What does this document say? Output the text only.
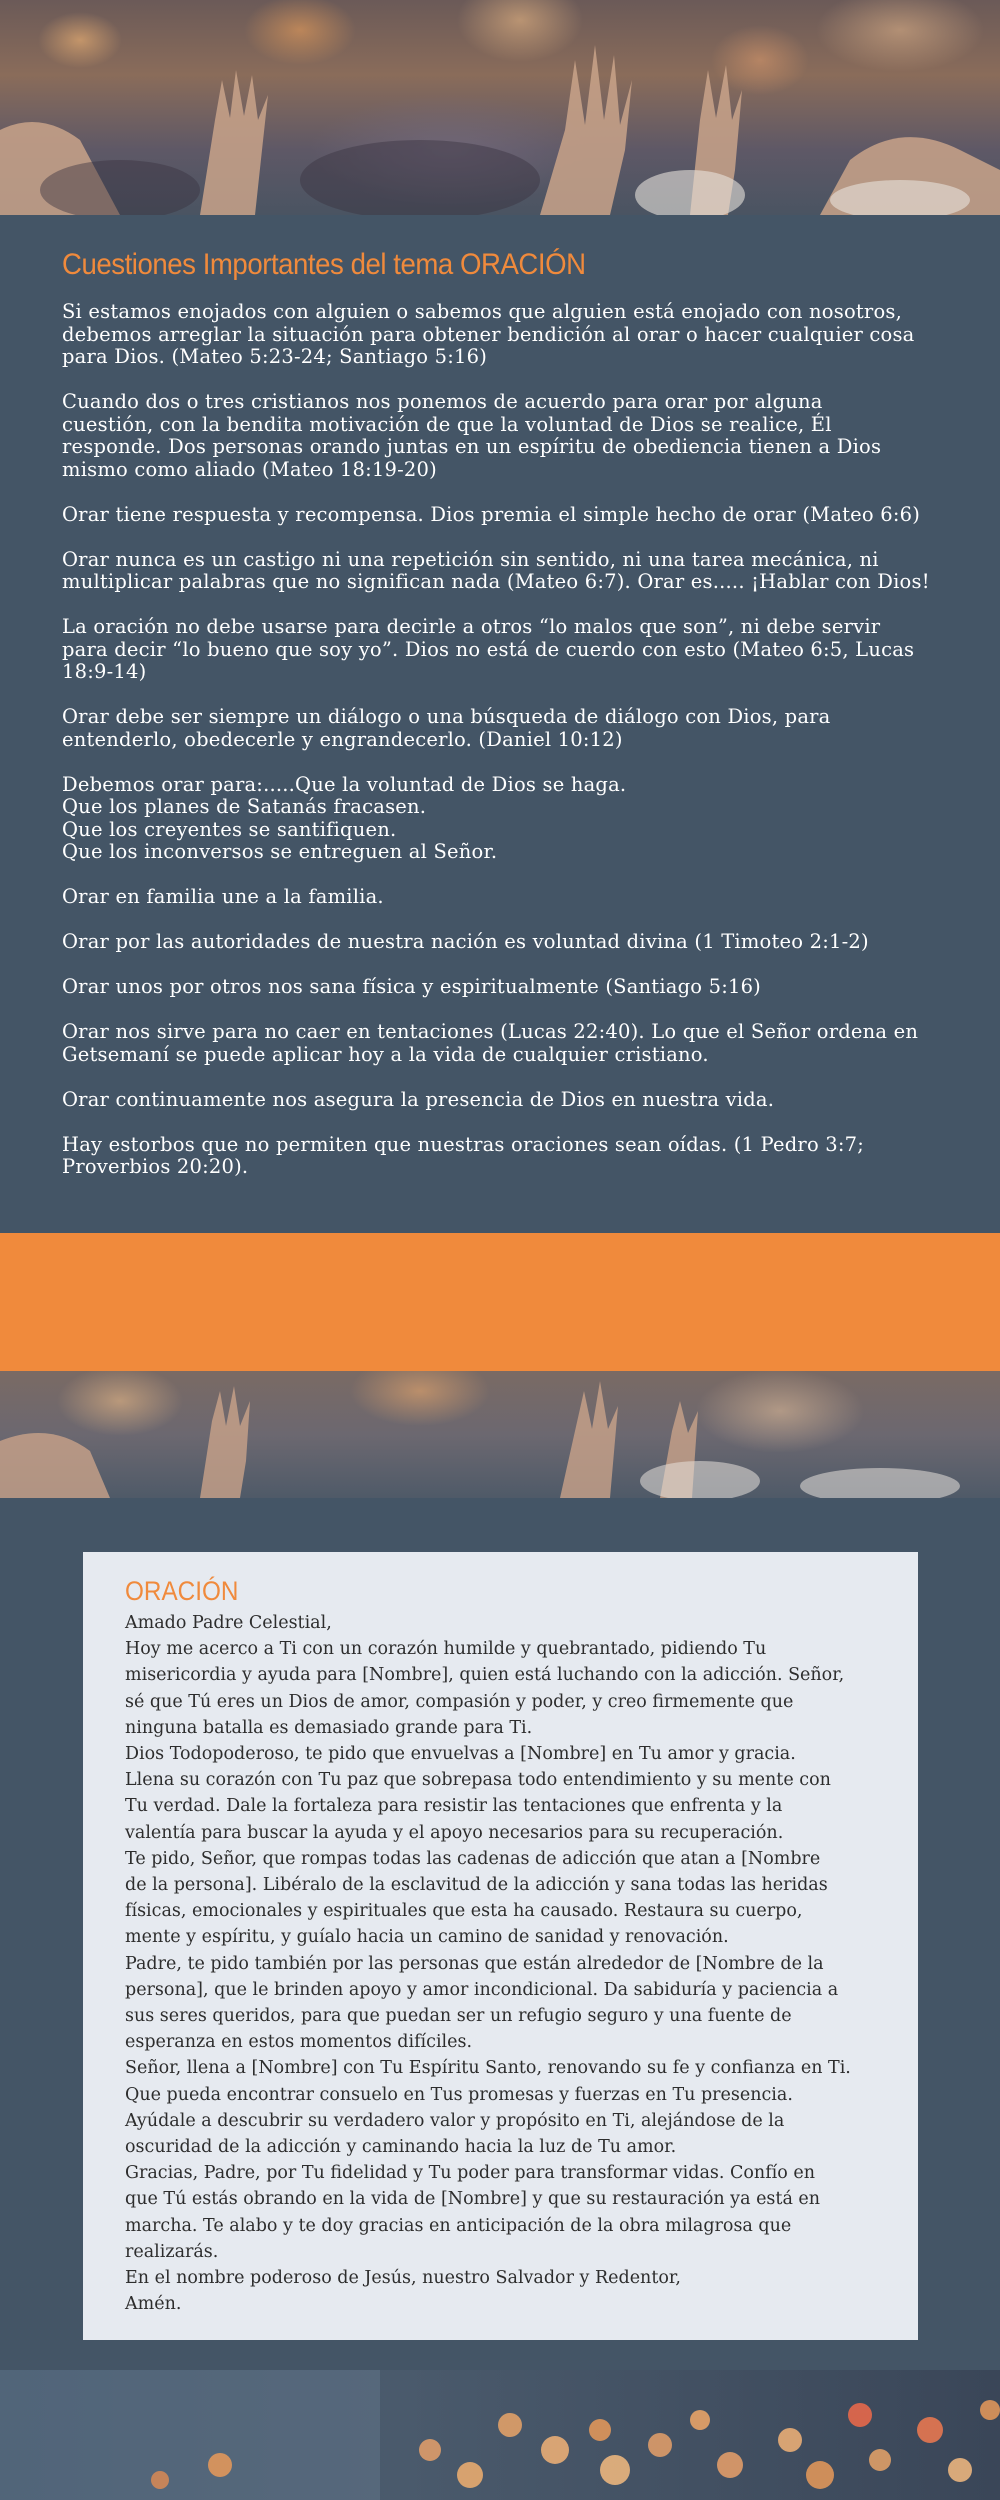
Cuestiones Importantes del tema ORACIÓN
Si estamos enojados con alguien o sabemos que alguien está enojado con nosotros,
debemos arreglar la situación para obtener bendición al orar o hacer cualquier cosa
para Dios. (Mateo 5:23-24; Santiago 5:16)
Cuando dos o tres cristianos nos ponemos de acuerdo para orar por alguna
cuestión, con la bendita motivación de que la voluntad de Dios se realice, Él
responde. Dos personas orando juntas en un espíritu de obediencia tienen a Dios
mismo como aliado (Mateo 18:19-20)
Orar tiene respuesta y recompensa. Dios premia el simple hecho de orar (Mateo 6:6)
Orar nunca es un castigo ni una repetición sin sentido, ni una tarea mecánica, ni
multiplicar palabras que no significan nada (Mateo 6:7). Orar es..... ¡Hablar con Dios!
La oración no debe usarse para decirle a otros “lo malos que son”, ni debe servir
para decir “lo bueno que soy yo”. Dios no está de cuerdo con esto (Mateo 6:5, Lucas
18:9-14)
Orar debe ser siempre un diálogo o una búsqueda de diálogo con Dios, para
entenderlo, obedecerle y engrandecerlo. (Daniel 10:12)
Debemos orar para:.....Que la voluntad de Dios se haga.
Que los planes de Satanás fracasen.
Que los creyentes se santifiquen.
Que los inconversos se entreguen al Señor.
Orar en familia une a la familia.
Orar por las autoridades de nuestra nación es voluntad divina (1 Timoteo 2:1-2)
Orar unos por otros nos sana física y espiritualmente (Santiago 5:16)
Orar nos sirve para no caer en tentaciones (Lucas 22:40). Lo que el Señor ordena en
Getsemaní se puede aplicar hoy a la vida de cualquier cristiano.
Orar continuamente nos asegura la presencia de Dios en nuestra vida.
Hay estorbos que no permiten que nuestras oraciones sean oídas. (1 Pedro 3:7;
Proverbios 20:20).
ORACIÓN
Amado Padre Celestial,
Hoy me acerco a Ti con un corazón humilde y quebrantado, pidiendo Tu
misericordia y ayuda para [Nombre], quien está luchando con la adicción. Señor,
sé que Tú eres un Dios de amor, compasión y poder, y creo firmemente que
ninguna batalla es demasiado grande para Ti.
Dios Todopoderoso, te pido que envuelvas a [Nombre] en Tu amor y gracia.
Llena su corazón con Tu paz que sobrepasa todo entendimiento y su mente con
Tu verdad. Dale la fortaleza para resistir las tentaciones que enfrenta y la
valentía para buscar la ayuda y el apoyo necesarios para su recuperación.
Te pido, Señor, que rompas todas las cadenas de adicción que atan a [Nombre
de la persona]. Libéralo de la esclavitud de la adicción y sana todas las heridas
físicas, emocionales y espirituales que esta ha causado. Restaura su cuerpo,
mente y espíritu, y guíalo hacia un camino de sanidad y renovación.
Padre, te pido también por las personas que están alrededor de [Nombre de la
persona], que le brinden apoyo y amor incondicional. Da sabiduría y paciencia a
sus seres queridos, para que puedan ser un refugio seguro y una fuente de
esperanza en estos momentos difíciles.
Señor, llena a [Nombre] con Tu Espíritu Santo, renovando su fe y confianza en Ti.
Que pueda encontrar consuelo en Tus promesas y fuerzas en Tu presencia.
Ayúdale a descubrir su verdadero valor y propósito en Ti, alejándose de la
oscuridad de la adicción y caminando hacia la luz de Tu amor.
Gracias, Padre, por Tu fidelidad y Tu poder para transformar vidas. Confío en
que Tú estás obrando en la vida de [Nombre] y que su restauración ya está en
marcha. Te alabo y te doy gracias en anticipación de la obra milagrosa que
realizarás.
En el nombre poderoso de Jesús, nuestro Salvador y Redentor,
Amén.
